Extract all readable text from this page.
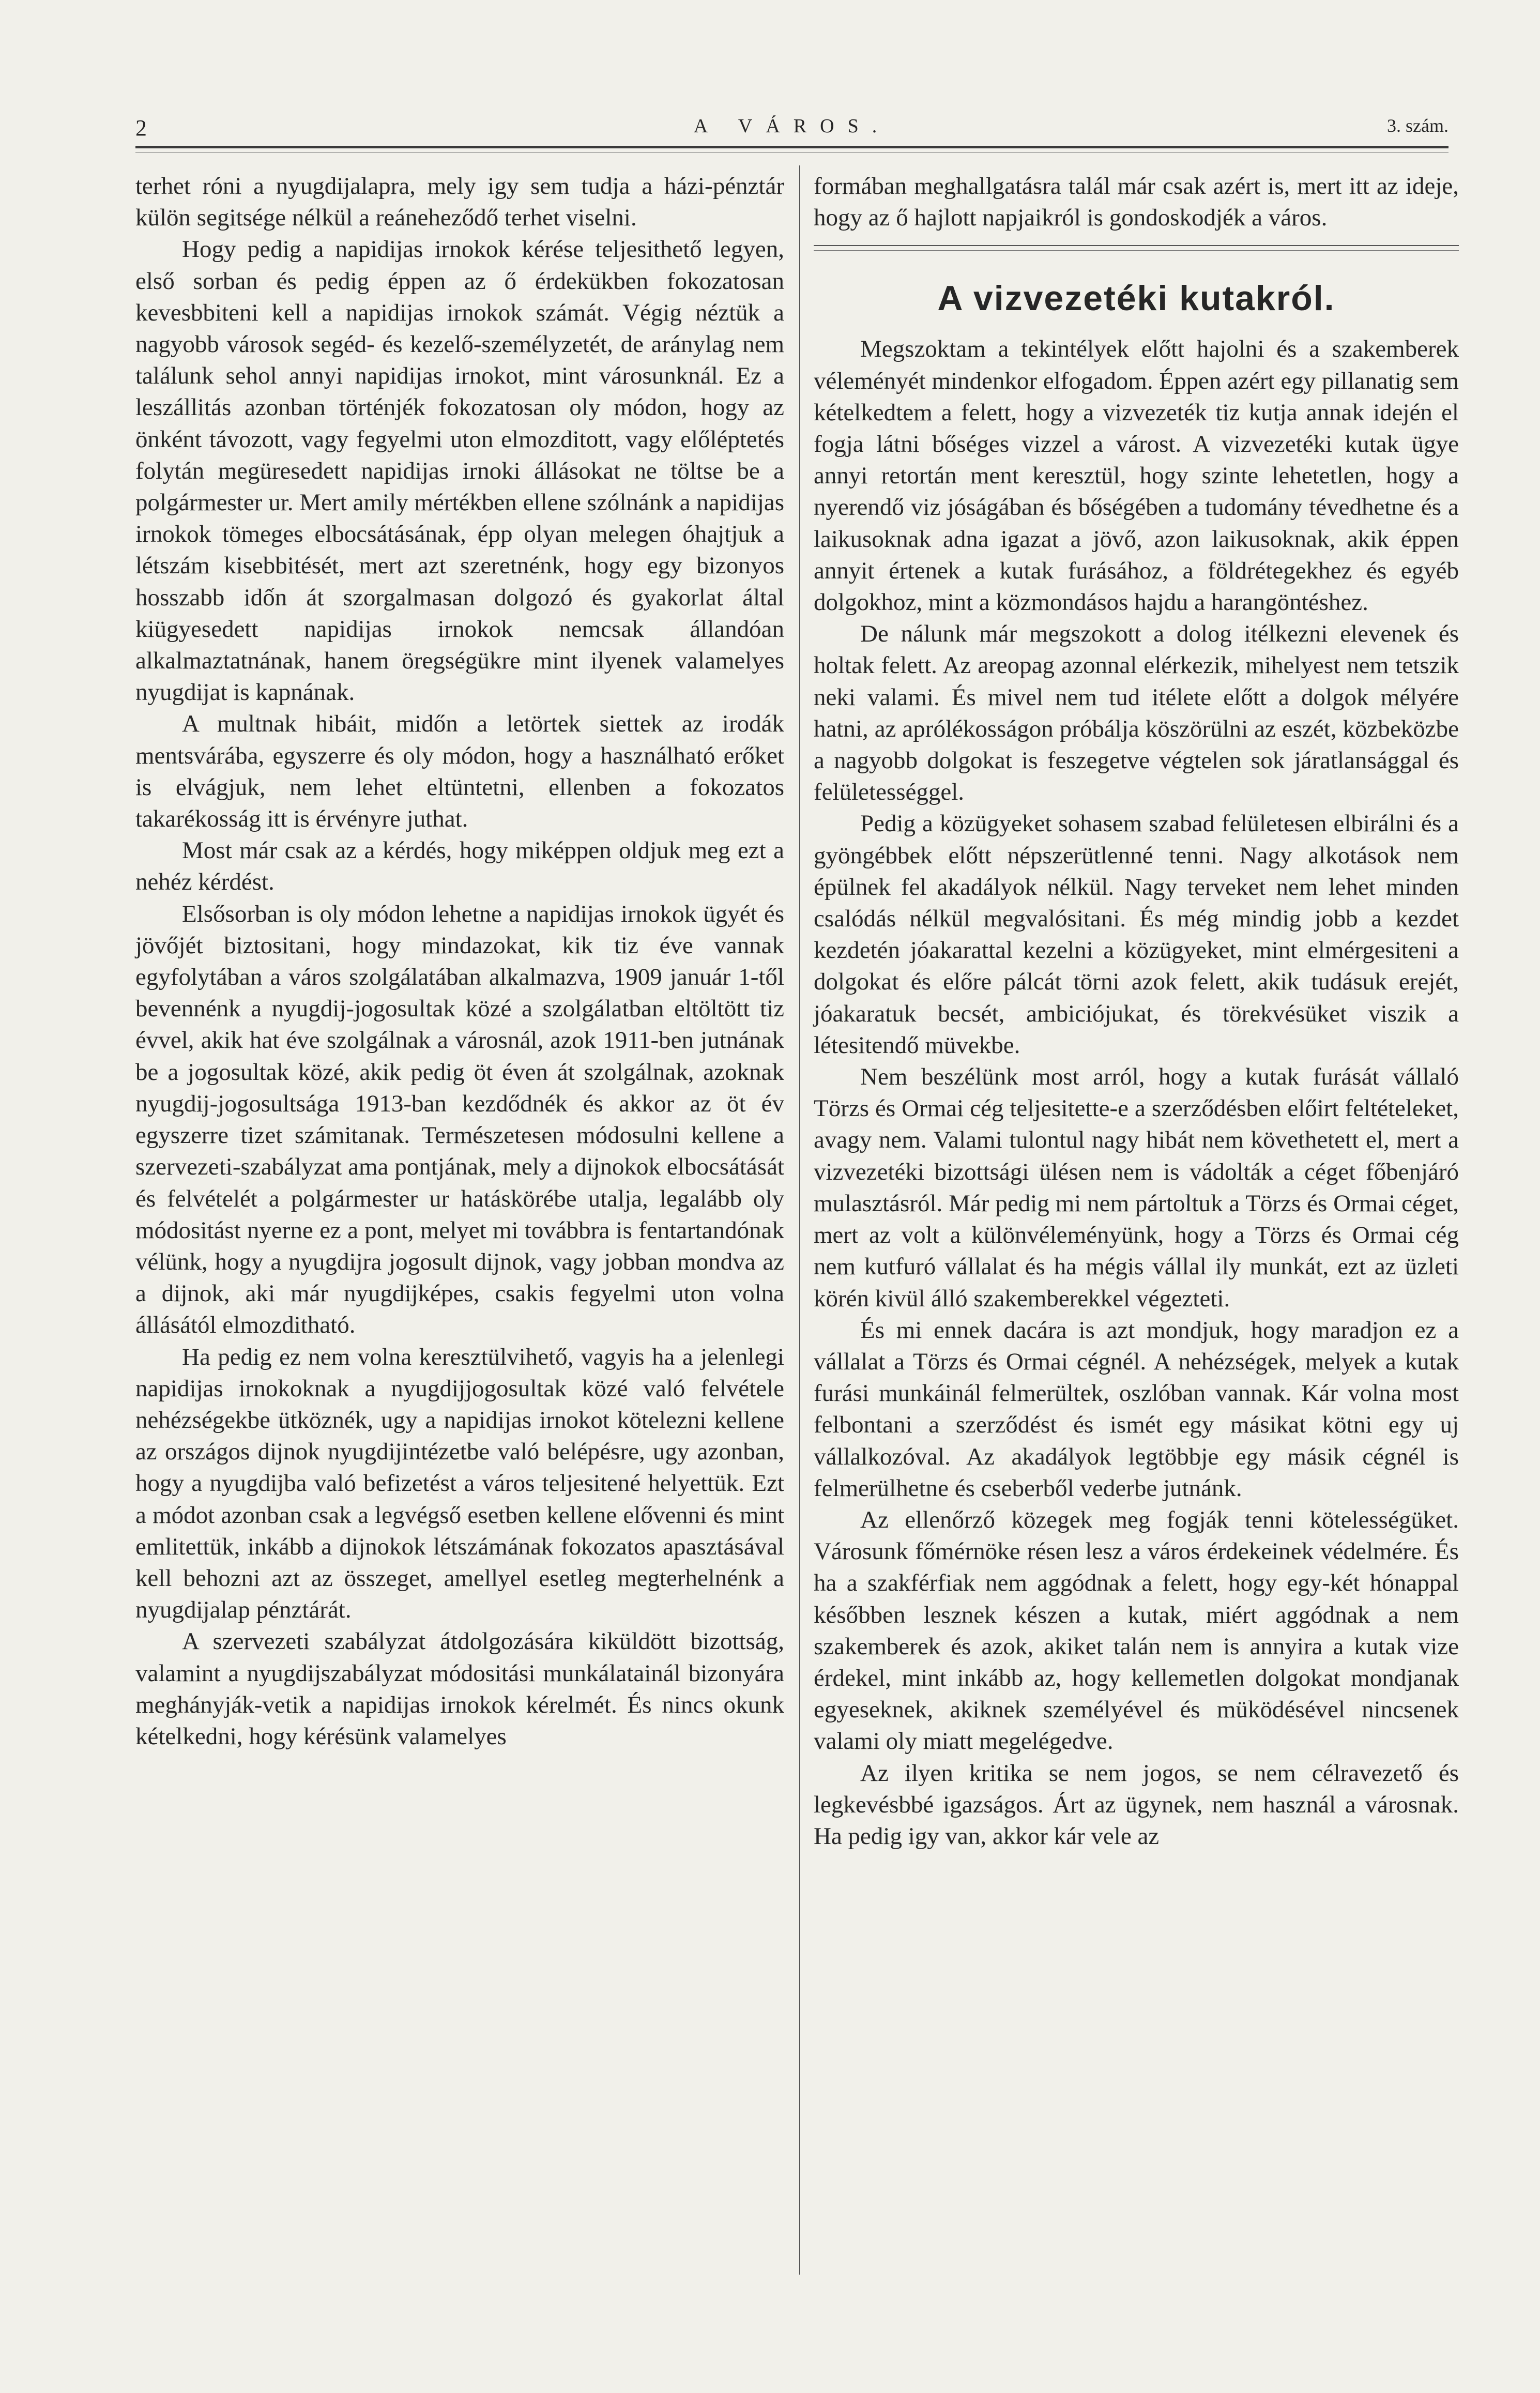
2	A VÁROS.	3. szám.

terhet róni a nyugdijalapra, mely igy sem tudja a házi-pénztár külön segitsége nélkül a reáneheződő terhet viselni.

Hogy pedig a napidijas irnokok kérése teljesithető legyen, első sorban és pedig éppen az ő érdekükben fokozatosan kevesbbiteni kell a napidijas irnokok számát. Végig néztük a nagyobb városok segéd- és kezelő-személyzetét, de aránylag nem találunk sehol annyi napidijas irnokot, mint városunknál. Ez a leszállitás azonban történjék fokozatosan oly módon, hogy az önként távozott, vagy fegyelmi uton elmozditott, vagy előléptetés folytán megüresedett napidijas irnoki állásokat ne töltse be a polgármester ur. Mert amily mértékben ellene szólnánk a napidijas irnokok tömeges elbocsátásának, épp olyan melegen óhajtjuk a létszám kisebbitését, mert azt szeretnénk, hogy egy bizonyos hosszabb idốn át szorgalmasan dolgozó és gyakorlat által kiügyesedett napidijas irnokok nemcsak állandóan alkalmaztatnának, hanem öregségükre mint ilyenek valamelyes nyugdijat is kapnának.

A multnak hibáit, midőn a letörtek siettek az irodák mentsvárába, egyszerre és oly módon, hogy a használható erőket is elvágjuk, nem lehet eltüntetni, ellenben a fokozatos takarékosság itt is érvényre juthat.

Most már csak az a kérdés, hogy miképpen oldjuk meg ezt a nehéz kérdést.

Elsősorban is oly módon lehetne a napidijas irnokok ügyét és jövőjét biztositani, hogy mindazokat, kik tiz éve vannak egyfolytában a város szolgálatában alkalmazva, 1909 január 1-től bevennénk a nyugdij-jogosultak közé a szolgálatban eltöltött tiz évvel, akik hat éve szolgálnak a városnál, azok 1911-ben jutnának be a jogosultak közé, akik pedig öt éven át szolgálnak, azoknak nyugdij-jogosultsága 1913-ban kezdődnék és akkor az öt év egyszerre tizet számitanak. Természetesen módosulni kellene a szervezeti-szabályzat ama pontjának, mely a dijnokok elbocsátását és felvételét a polgármester ur hatáskörébe utalja, legalább oly módositást nyerne ez a pont, melyet mi továbbra is fentartandónak vélünk, hogy a nyugdijra jogosult dijnok, vagy jobban mondva az a dijnok, aki már nyugdijképes, csakis fegyelmi uton volna állásától elmozditható.

Ha pedig ez nem volna keresztülvihető, vagyis ha a jelenlegi napidijas irnokoknak a nyugdijjogosultak közé való felvétele nehézségekbe ütköznék, ugy a napidijas irnokot kötelezni kellene az országos dijnok nyugdijintézetbe való belépésre, ugy azonban, hogy a nyugdijba való befizetést a város teljesitené helyettük. Ezt a módot azonban csak a legvégső esetben kellene elővenni és mint emlitettük, inkább a dijnokok létszámának fokozatos apasztásával kell behozni azt az összeget, amellyel esetleg megterhelnénk a nyugdijalap pénztárát.

A szervezeti szabályzat átdolgozására kiküldött bizottság, valamint a nyugdijszabályzat módositási munkálatainál bizonyára meghányják-vetik a napidijas irnokok kérelmét. És nincs okunk kételkedni, hogy kérésünk valamelyes

formában meghallgatásra talál már csak azért is, mert itt az ideje, hogy az ő hajlott napjaikról is gondoskodjék a város.

A vizvezetéki kutakról.

Megszoktam a tekintélyek előtt hajolni és a szakemberek véleményét mindenkor elfogadom. Éppen azért egy pillanatig sem kételkedtem a felett, hogy a vizvezeték tiz kutja annak idején el fogja látni bőséges vizzel a várost. A vizvezetéki kutak ügye annyi retortán ment keresztül, hogy szinte lehetetlen, hogy a nyerendő viz jóságában és bőségében a tudomány tévedhetne és a laikusoknak adna igazat a jövő, azon laikusoknak, akik éppen annyit értenek a kutak furásához, a földrétegekhez és egyéb dolgokhoz, mint a közmondásos hajdu a harangöntéshez.

De nálunk már megszokott a dolog itélkezni elevenek és holtak felett. Az areopag azonnal elérkezik, mihelyest nem tetszik neki valami. És mivel nem tud itélete előtt a dolgok mélyére hatni, az aprólékosságon próbálja köszörülni az eszét, közbeközbe a nagyobb dolgokat is feszegetve végtelen sok járatlansággal és felületességgel.

Pedig a közügyeket sohasem szabad felületesen elbirálni és a gyöngébbek előtt népszerütlenné tenni. Nagy alkotások nem épülnek fel akadályok nélkül. Nagy terveket nem lehet minden csalódás nélkül megvalósitani. És még mindig jobb a kezdet kezdetén jóakarattal kezelni a közügyeket, mint elmérgesiteni a dolgokat és előre pálcát törni azok felett, akik tudásuk erejét, jóakaratuk becsét, ambiciójukat, és törekvésüket viszik a létesitendő müvekbe.

Nem beszélünk most arról, hogy a kutak furását vállaló Törzs és Ormai cég teljesitette-e a szerződésben előirt feltételeket, avagy nem. Valami tulontul nagy hibát nem követhetett el, mert a vizvezetéki bizottsági ülésen nem is vádolták a céget főbenjáró mulasztásról. Már pedig mi nem pártoltuk a Törzs és Ormai céget, mert az volt a különvéleményünk, hogy a Törzs és Ormai cég nem kutfuró vállalat és ha mégis vállal ily munkát, ezt az üzleti körén kivül álló szakemberekkel végezteti.

És mi ennek dacára is azt mondjuk, hogy maradjon ez a vállalat a Törzs és Ormai cégnél. A nehézségek, melyek a kutak furási munkáinál felmerültek, oszlóban vannak. Kár volna most felbontani a szerződést és ismét egy másikat kötni egy uj vállalkozóval. Az akadályok legtöbbje egy másik cégnél is felmerülhetne és cseberből vederbe jutnánk.

Az ellenőrző közegek meg fogják tenni kötelességüket. Városunk főmérnöke résen lesz a város érdekeinek védelmére. És ha a szakférfiak nem aggódnak a felett, hogy egy-két hónappal későbben lesznek készen a kutak, miért aggódnak a nem szakemberek és azok, akiket talán nem is annyira a kutak vize érdekel, mint inkább az, hogy kellemetlen dolgokat mondjanak egyeseknek, akiknek személyével és müködésével nincsenek valami oly miatt megelégedve.

Az ilyen kritika se nem jogos, se nem célravezető és legkevésbbé igazságos. Árt az ügynek, nem használ a városnak. Ha pedig igy van, akkor kár vele az
